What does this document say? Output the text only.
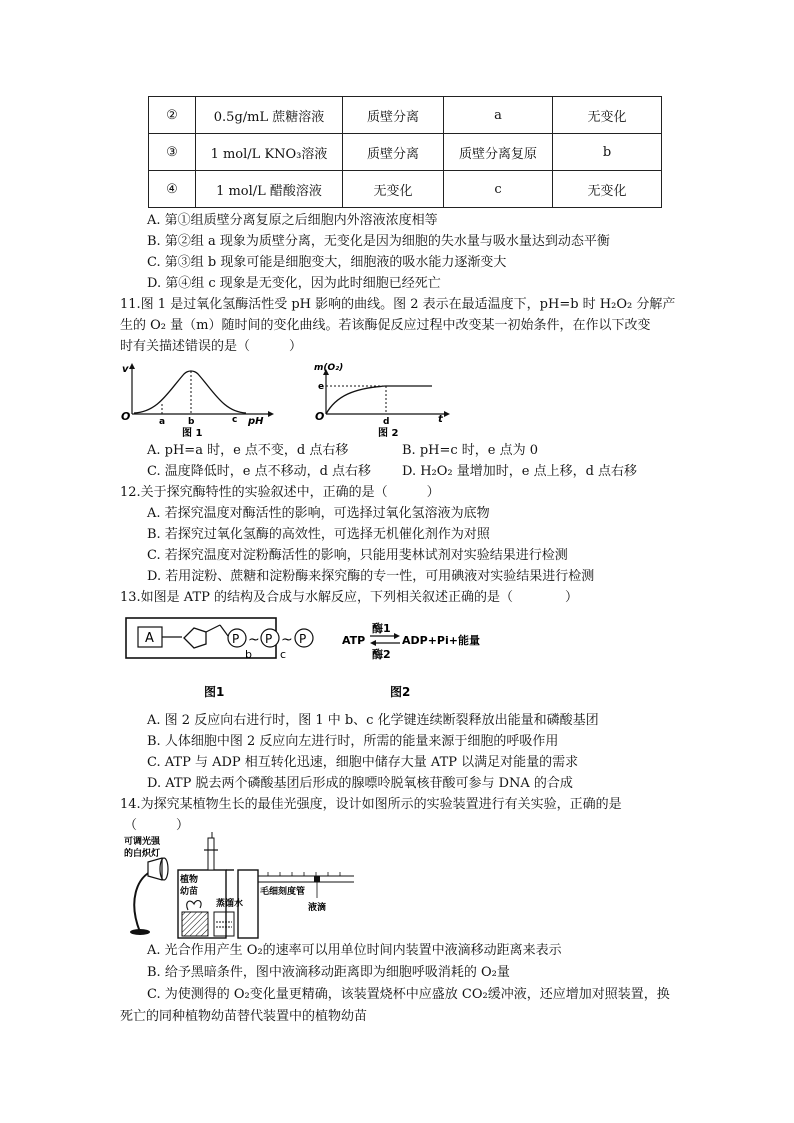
②	0.5g/mL 蔗糖溶液	质壁分离	a	无变化
③	1 mol/L KNO₃溶液	质壁分离	质壁分离复原	b
④	1 mol/L 醋酸溶液	无变化	c	无变化
A. 第①组质壁分离复原之后细胞内外溶液浓度相等
B. 第②组 a 现象为质壁分离，无变化是因为细胞的失水量与吸水量达到动态平衡
C. 第③组 b 现象可能是细胞变大，细胞液的吸水能力逐渐变大
D. 第④组 c 现象是无变化，因为此时细胞已经死亡
11.图 1 是过氧化氢酶活性受 pH 影响的曲线。图 2 表示在最适温度下，pH=b 时 H₂O₂ 分解产
生的 O₂ 量（m）随时间的变化曲线。若该酶促反应过程中改变某一初始条件，在作以下改变
时有关描述错误的是（　　　）
v
O	a	b	c pH
图 1
m(O₂)
e
O	d	t
图 2
A. pH=a 时，e 点不变，d 点右移	B. pH=c 时，e 点为 0
C. 温度降低时，e 点不移动，d 点右移 D. H₂O₂ 量增加时，e 点上移，d 点右移
12.关于探究酶特性的实验叙述中，正确的是（　　　）
A. 若探究温度对酶活性的影响，可选择过氧化氢溶液为底物
B. 若探究过氧化氢酶的高效性，可选择无机催化剂作为对照
C. 若探究温度对淀粉酶活性的影响，只能用斐林试剂对实验结果进行检测
D. 若用淀粉、蔗糖和淀粉酶来探究酶的专一性，可用碘液对实验结果进行检测
13.如图是 ATP 的结构及合成与水解反应，下列相关叙述正确的是（　　　　）
A	P ~
b
P ~
c
P
图1
ATP
酶1
酶2
ADP+Pi+能量
图2
A. 图 2 反应向右进行时，图 1 中 b、c 化学键连续断裂释放出能量和磷酸基团
B. 人体细胞中图 2 反应向左进行时，所需的能量来源于细胞的呼吸作用
C. ATP 与 ADP 相互转化迅速，细胞中储存大量 ATP 以满足对能量的需求
D. ATP 脱去两个磷酸基团后形成的腺嘌呤脱氧核苷酸可参与 DNA 的合成
14.为探究某植物生长的最佳光强度，设计如图所示的实验装置进行有关实验，正确的是
（　　　）
可调光强
的白炽灯
植物
幼苗
蒸馏水
毛细刻度管
液滴
A. 光合作用产生 O₂的速率可以用单位时间内装置中液滴移动距离来表示
B. 给予黑暗条件，图中液滴移动距离即为细胞呼吸消耗的 O₂量
C. 为使测得的 O₂变化量更精确，该装置烧杯中应盛放 CO₂缓冲液，还应增加对照装置，换
死亡的同种植物幼苗替代装置中的植物幼苗
